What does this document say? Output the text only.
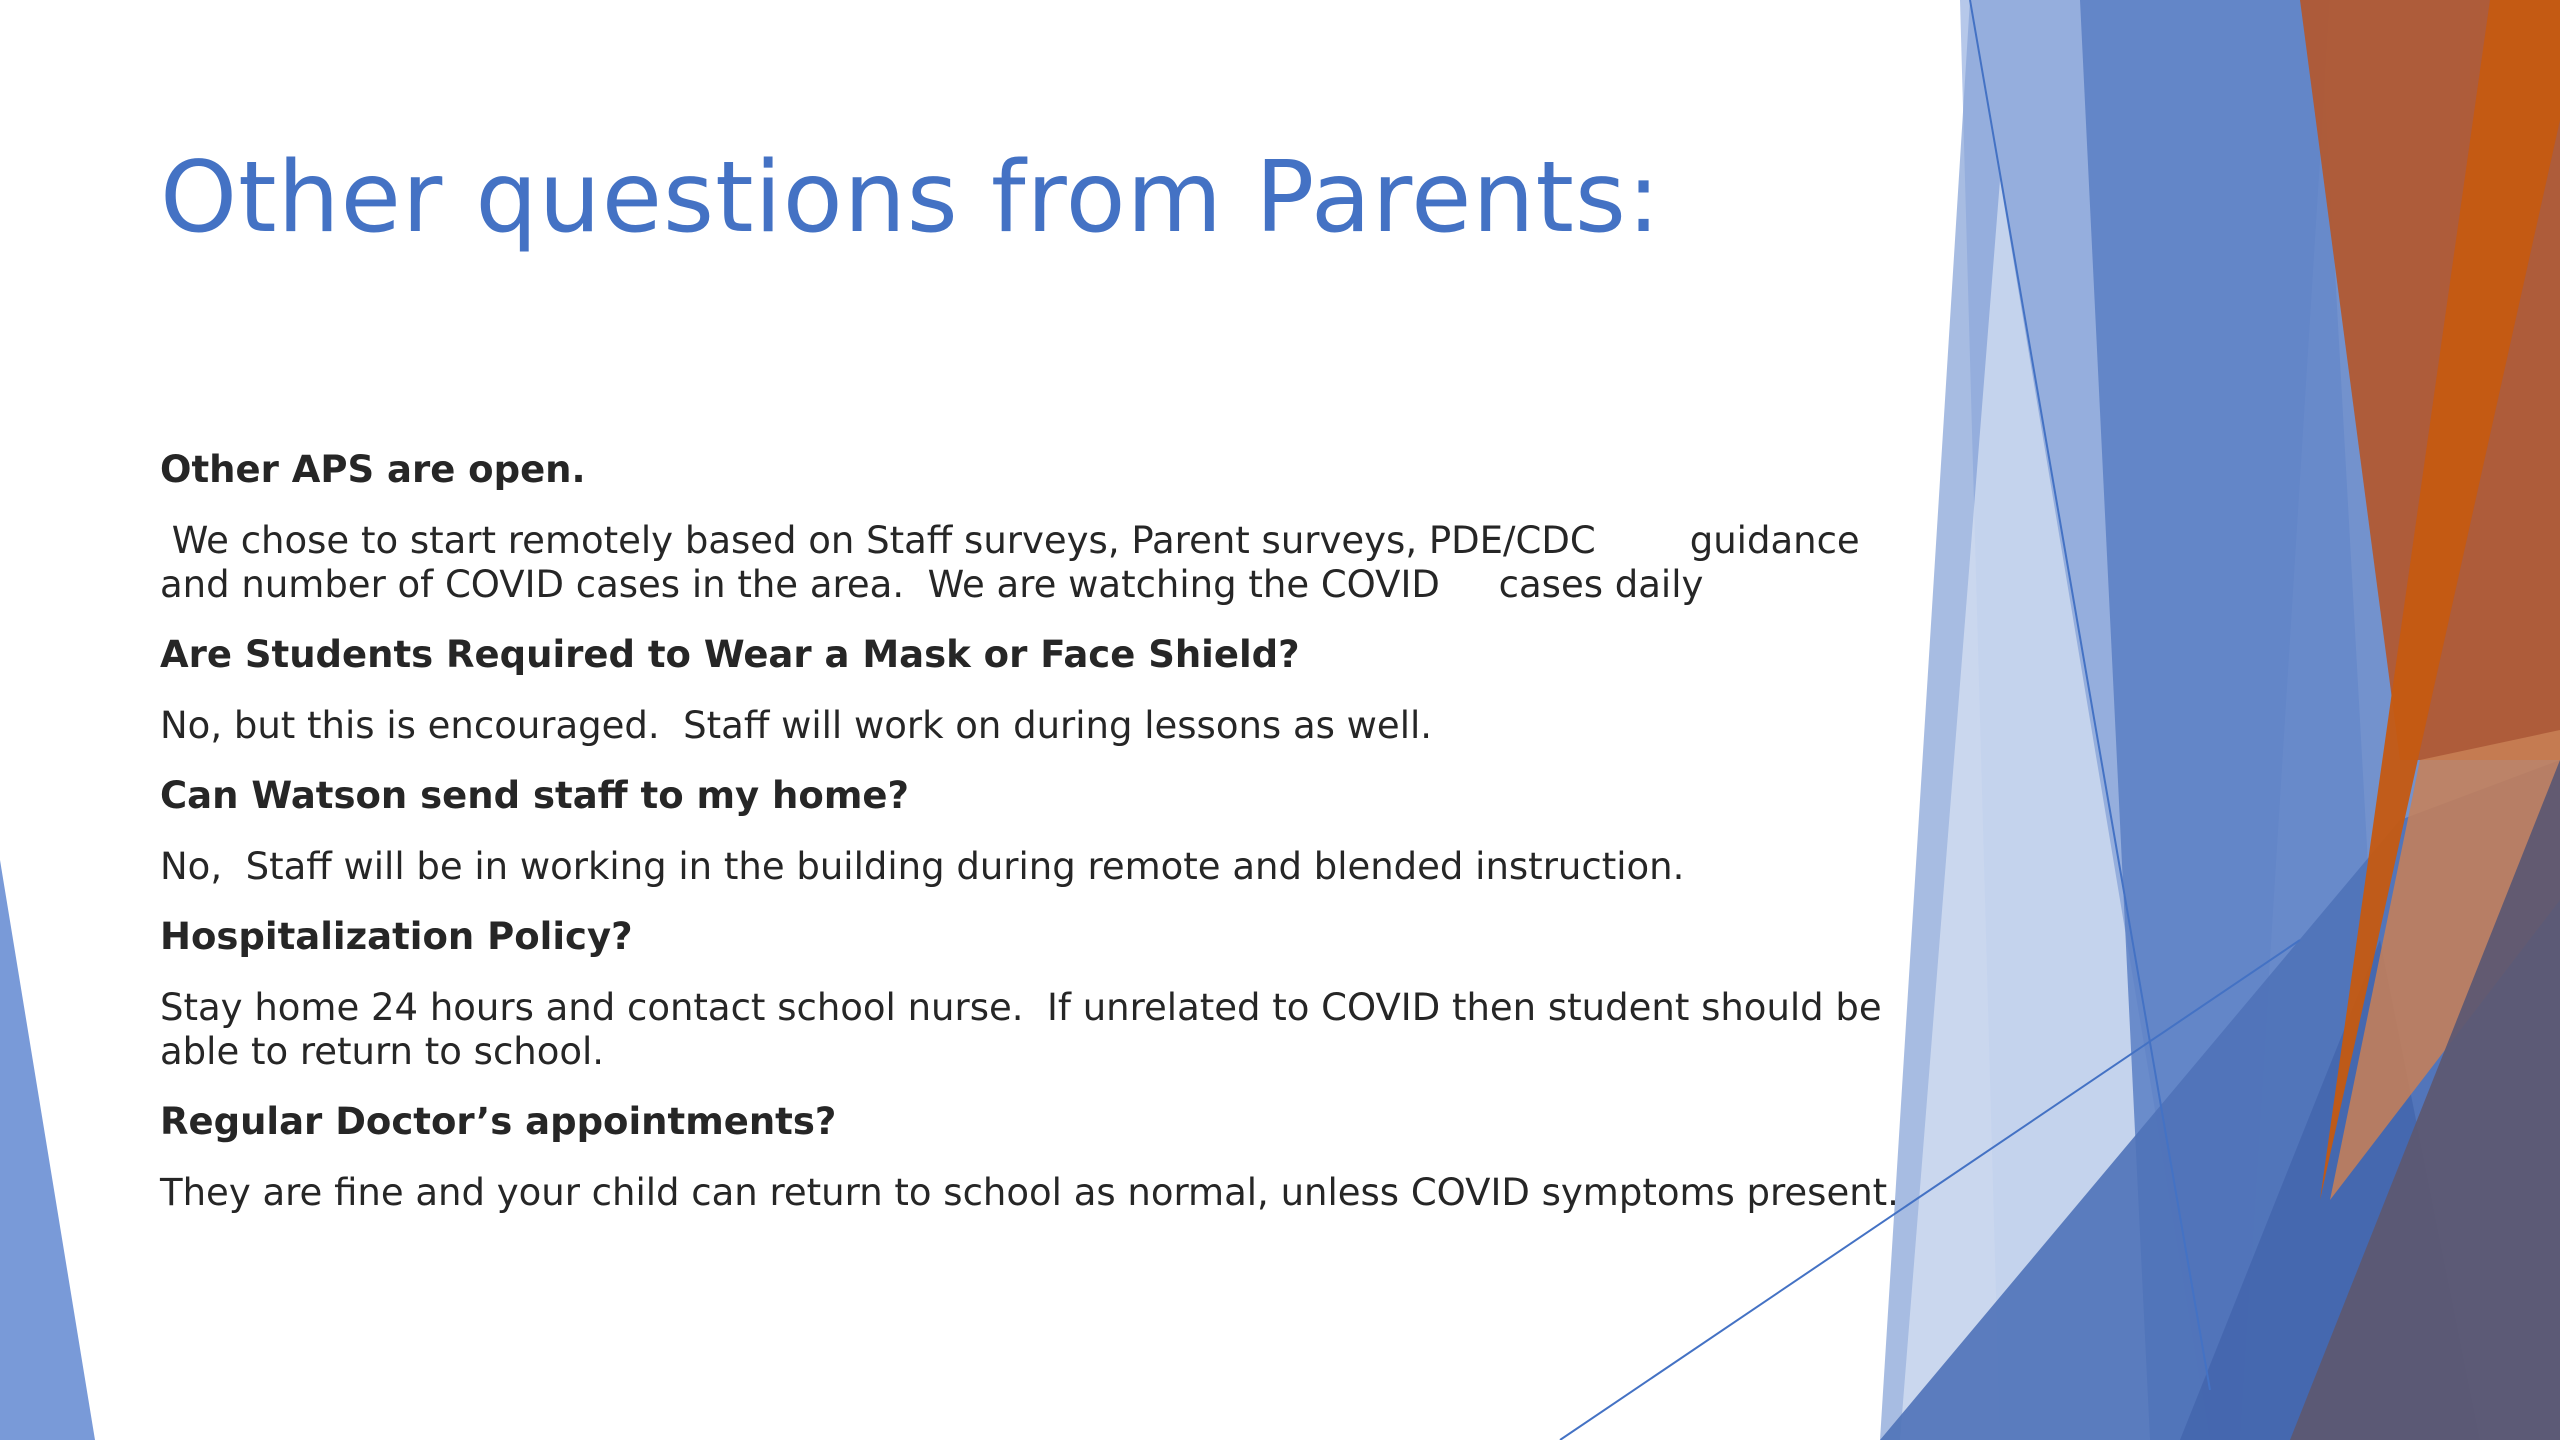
Other questions from Parents:

Other APS are open.

We chose to start remotely based on Staff surveys, Parent surveys, PDE/CDC        guidance and number of COVID cases in the area.  We are watching the COVID     cases daily

Are Students Required to Wear a Mask or Face Shield?

No, but this is encouraged.  Staff will work on during lessons as well.

Can Watson send staff to my home?

No,  Staff will be in working in the building during remote and blended instruction.

Hospitalization Policy?

Stay home 24 hours and contact school nurse.  If unrelated to COVID then student should be able to return to school.

Regular Doctor’s appointments?

They are fine and your child can return to school as normal, unless COVID symptoms present.
